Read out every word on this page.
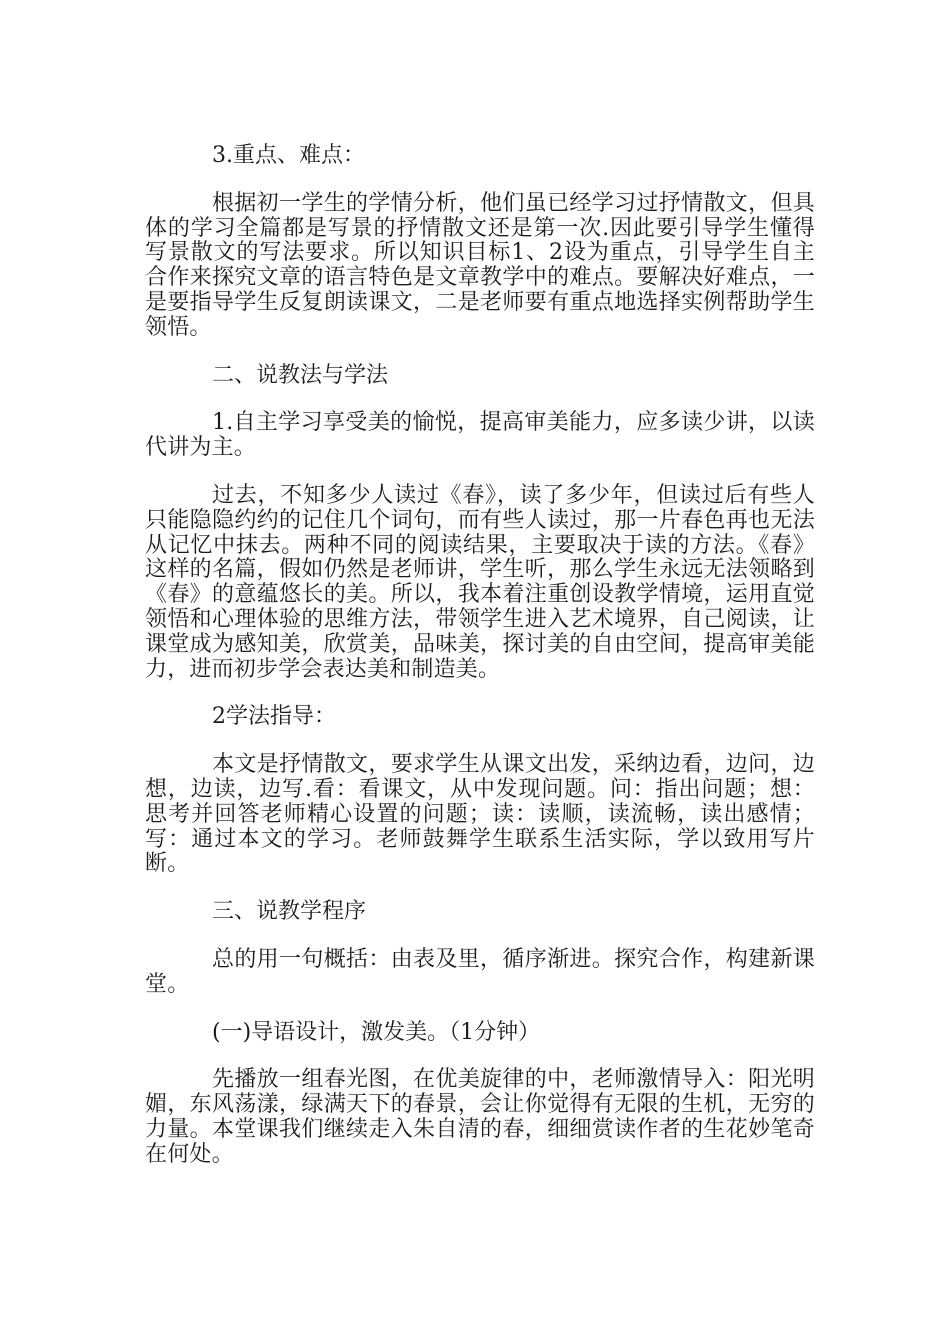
3.重点、难点：

根据初一学生的学情分析，他们虽已经学习过抒情散文，但具体的学习全篇都是写景的抒情散文还是第一次.因此要引导学生懂得写景散文的写法要求。所以知识目标1、2设为重点，引导学生自主合作来探究文章的语言特色是文章教学中的难点。要解决好难点，一是要指导学生反复朗读课文，二是老师要有重点地选择实例帮助学生领悟。

二、说教法与学法

1.自主学习享受美的愉悦，提高审美能力，应多读少讲，以读代讲为主。

过去，不知多少人读过《春》，读了多少年，但读过后有些人只能隐隐约约的记住几个词句，而有些人读过，那一片春色再也无法从记忆中抹去。两种不同的阅读结果，主要取决于读的方法。《春》这样的名篇，假如仍然是老师讲，学生听，那么学生永远无法领略到《春》的意蕴悠长的美。所以，我本着注重创设教学情境，运用直觉领悟和心理体验的思维方法，带领学生进入艺术境界，自己阅读，让课堂成为感知美，欣赏美，品味美，探讨美的自由空间，提高审美能力，进而初步学会表达美和制造美。

2学法指导：

本文是抒情散文，要求学生从课文出发，采纳边看，边问，边想，边读，边写.看：看课文，从中发现问题。问：指出问题；想：思考并回答老师精心设置的问题；读：读顺，读流畅，读出感情；写：通过本文的学习。老师鼓舞学生联系生活实际，学以致用写片断。

三、说教学程序

总的用一句概括：由表及里，循序渐进。探究合作，构建新课堂。

(一)导语设计，激发美。（1分钟）

先播放一组春光图，在优美旋律的中，老师激情导入：阳光明媚，东风荡漾，绿满天下的春景，会让你觉得有无限的生机，无穷的力量。本堂课我们继续走入朱自清的春，细细赏读作者的生花妙笔奇在何处。
